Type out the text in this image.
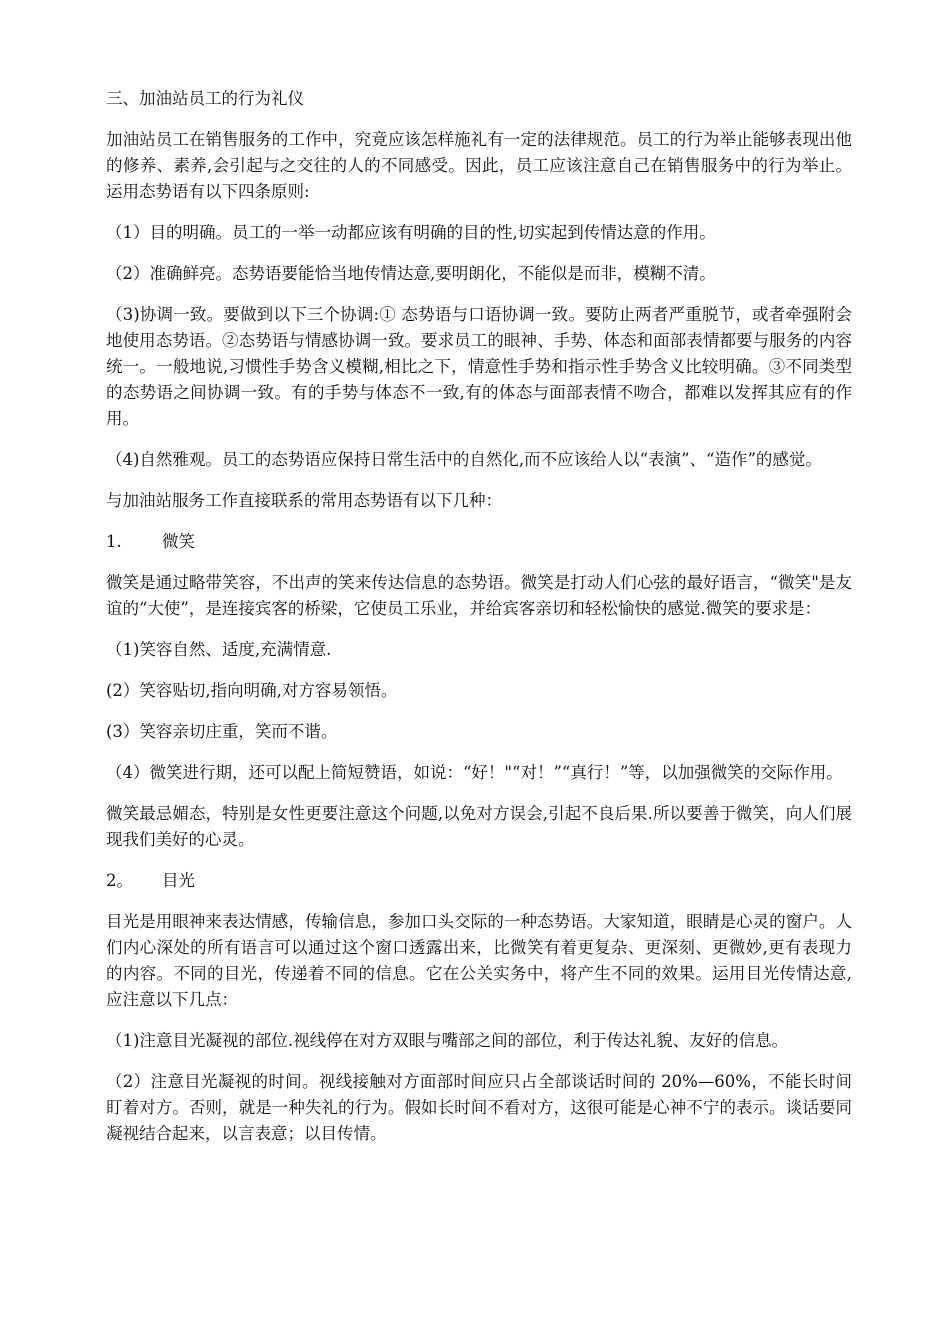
三、加油站员工的行为礼仪

加油站员工在销售服务的工作中，究竟应该怎样施礼有一定的法律规范。员工的行为举止能够表现出他的修养、素养,会引起与之交往的人的不同感受。因此，员工应该注意自己在销售服务中的行为举止。运用态势语有以下四条原则:

（1）目的明确。员工的一举一动都应该有明确的目的性,切实起到传情达意的作用。

（2）准确鲜亮。态势语要能恰当地传情达意,要明朗化，不能似是而非，模糊不清。

（3)协调一致。要做到以下三个协调:① 态势语与口语协调一致。要防止两者严重脱节，或者牵强附会地使用态势语。②态势语与情感协调一致。要求员工的眼神、手势、体态和面部表情都要与服务的内容统一。一般地说,习惯性手势含义模糊,相比之下，情意性手势和指示性手势含义比较明确。③不同类型的态势语之间协调一致。有的手势与体态不一致,有的体态与面部表情不吻合，都难以发挥其应有的作用。

（4)自然雅观。员工的态势语应保持日常生活中的自然化,而不应该给人以“表演”、“造作”的感觉。

与加油站服务工作直接联系的常用态势语有以下几种：

1.	微笑

微笑是通过略带笑容，不出声的笑来传达信息的态势语。微笑是打动人们心弦的最好语言，“微笑"是友谊的“大使”，是连接宾客的桥梁，它使员工乐业，并给宾客亲切和轻松愉快的感觉.微笑的要求是：

（1)笑容自然、适度,充满情意.

(2）笑容贴切,指向明确,对方容易领悟。

(3）笑容亲切庄重，笑而不谐。

（4）微笑进行期，还可以配上简短赞语，如说：“好！"“对！”“真行！”等，以加强微笑的交际作用。

微笑最忌媚态，特别是女性更要注意这个问题,以免对方误会,引起不良后果.所以要善于微笑，向人们展现我们美好的心灵。

2。	目光

目光是用眼神来表达情感，传输信息，参加口头交际的一种态势语。大家知道，眼睛是心灵的窗户。人们内心深处的所有语言可以通过这个窗口透露出来，比微笑有着更复杂、更深刻、更微妙,更有表现力的内容。不同的目光，传递着不同的信息。它在公关实务中，将产生不同的效果。运用目光传情达意,应注意以下几点：

（1)注意目光凝视的部位.视线停在对方双眼与嘴部之间的部位，利于传达礼貌、友好的信息。

（2）注意目光凝视的时间。视线接触对方面部时间应只占全部谈话时间的 20%—60%，不能长时间盯着对方。否则，就是一种失礼的行为。假如长时间不看对方，这很可能是心神不宁的表示。谈话要同凝视结合起来，以言表意；以目传情。
